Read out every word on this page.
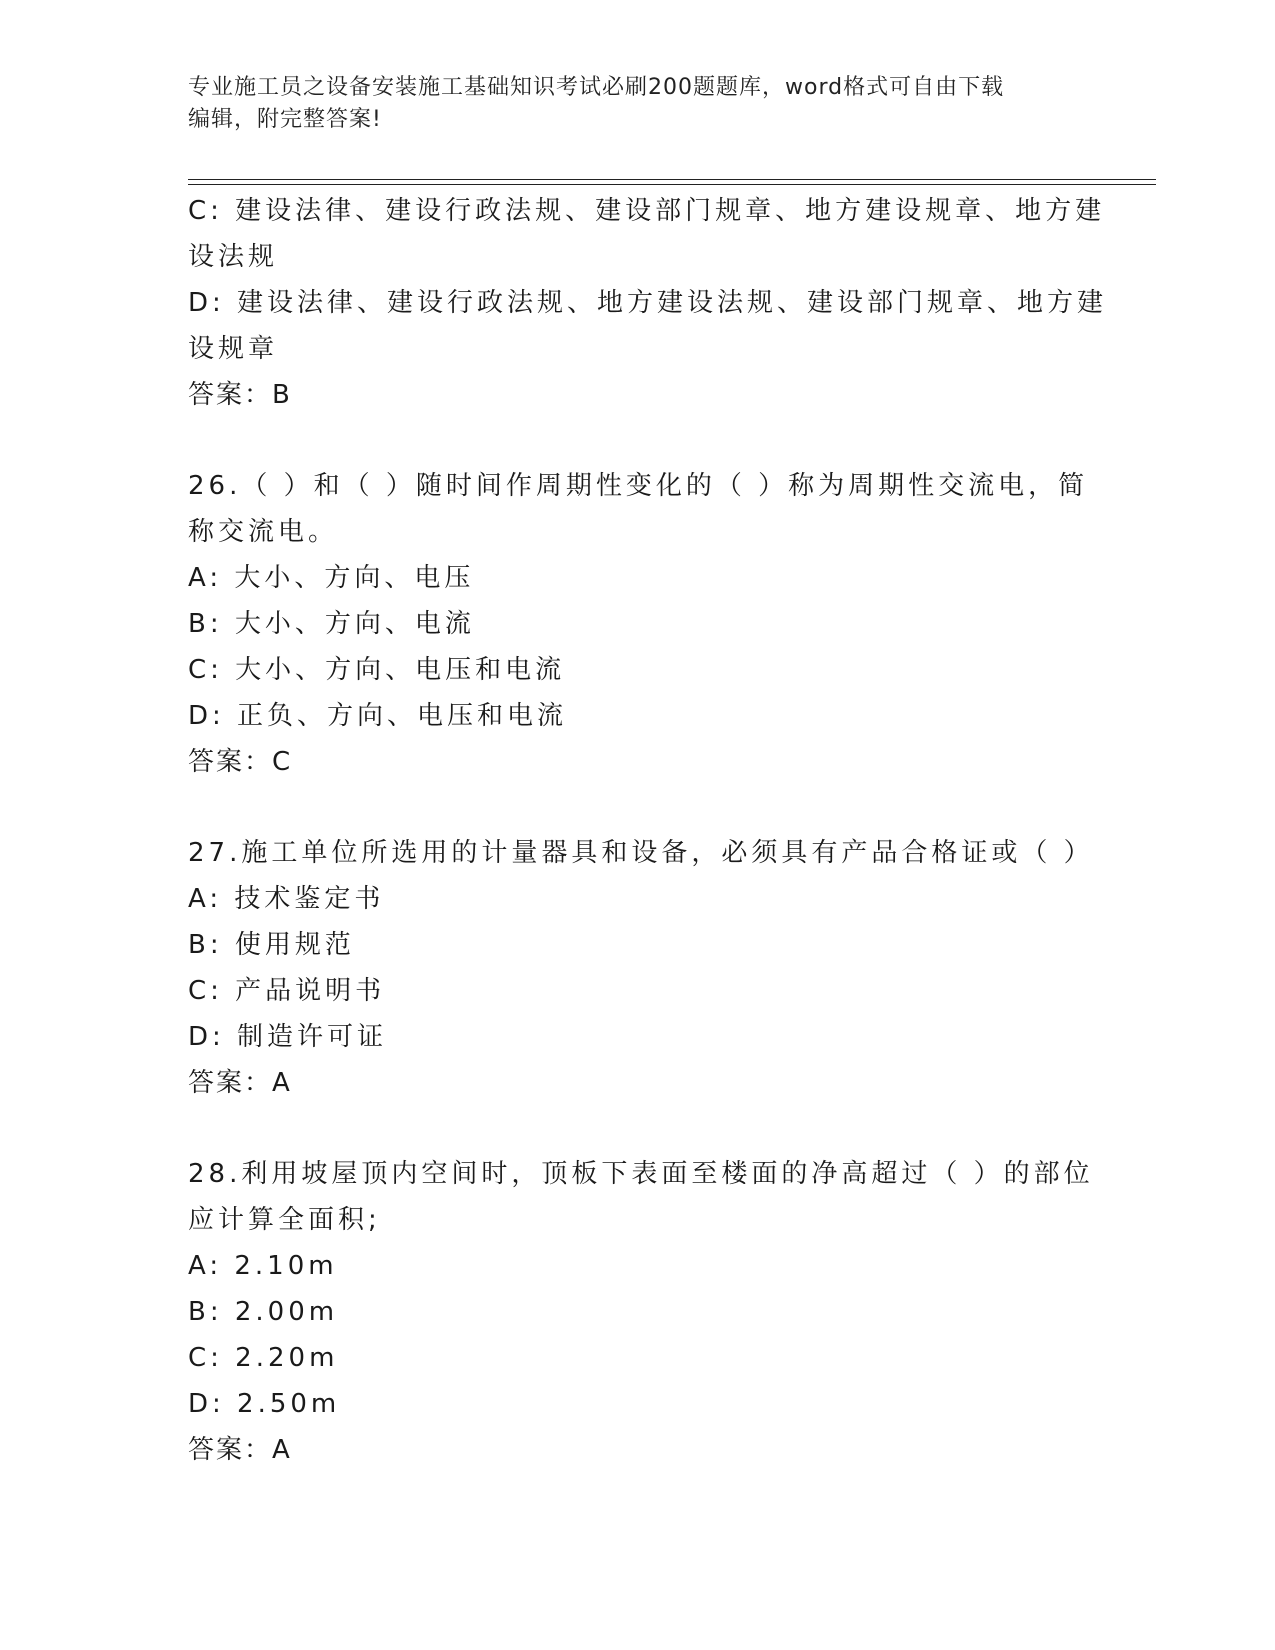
专业施工员之设备安装施工基础知识考试必刷200题题库，word格式可自由下载
编辑，附完整答案!
C: 建设法律、建设行政法规、建设部门规章、地方建设规章、地方建
设法规
D: 建设法律、建设行政法规、地方建设法规、建设部门规章、地方建
设规章
答案：B
26.（ ）和（ ）随时间作周期性变化的（ ）称为周期性交流电，简
称交流电。
A: 大小、方向、电压
B: 大小、方向、电流
C: 大小、方向、电压和电流
D: 正负、方向、电压和电流
答案：C
27.施工单位所选用的计量器具和设备，必须具有产品合格证或（ ）
A: 技术鉴定书
B: 使用规范
C: 产品说明书
D: 制造许可证
答案：A
28.利用坡屋顶内空间时，顶板下表面至楼面的净高超过（ ）的部位
应计算全面积;
A: 2.10m
B: 2.00m
C: 2.20m
D: 2.50m
答案：A
